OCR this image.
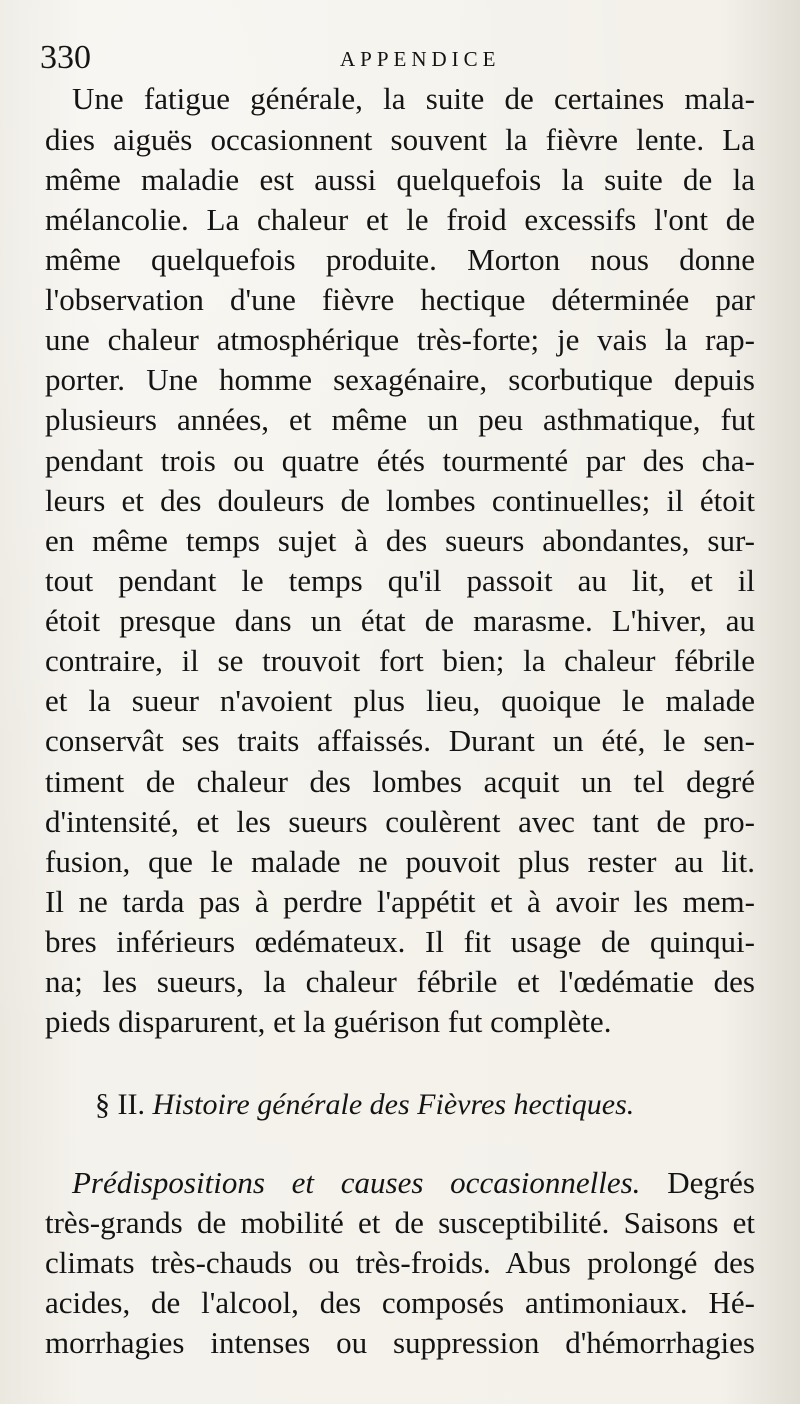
330	APPENDICE
Une fatigue générale, la suite de certaines mala-
dies aiguës occasionnent souvent la fièvre lente. La
même maladie est aussi quelquefois la suite de la
mélancolie. La chaleur et le froid excessifs l'ont de
même quelquefois produite. Morton nous donne
l'observation d'une fièvre hectique déterminée par
une chaleur atmosphérique très-forte; je vais la rap-
porter. Une homme sexagénaire, scorbutique depuis
plusieurs années, et même un peu asthmatique, fut
pendant trois ou quatre étés tourmenté par des cha-
leurs et des douleurs de lombes continuelles; il étoit
en même temps sujet à des sueurs abondantes, sur-
tout pendant le temps qu'il passoit au lit, et il
étoit presque dans un état de marasme. L'hiver, au
contraire, il se trouvoit fort bien; la chaleur fébrile
et la sueur n'avoient plus lieu, quoique le malade
conservât ses traits affaissés. Durant un été, le sen-
timent de chaleur des lombes acquit un tel degré
d'intensité, et les sueurs coulèrent avec tant de pro-
fusion, que le malade ne pouvoit plus rester au lit.
Il ne tarda pas à perdre l'appétit et à avoir les mem-
bres inférieurs œdémateux. Il fit usage de quinqui-
na; les sueurs, la chaleur fébrile et l'œdématie des
pieds disparurent, et la guérison fut complète.
§ II. Histoire générale des Fièvres hectiques.
Prédispositions et causes occasionnelles. Degrés
très-grands de mobilité et de susceptibilité. Saisons et
climats très-chauds ou très-froids. Abus prolongé des
acides, de l'alcool, des composés antimoniaux. Hé-
morrhagies intenses ou suppression d'hémorrhagies
